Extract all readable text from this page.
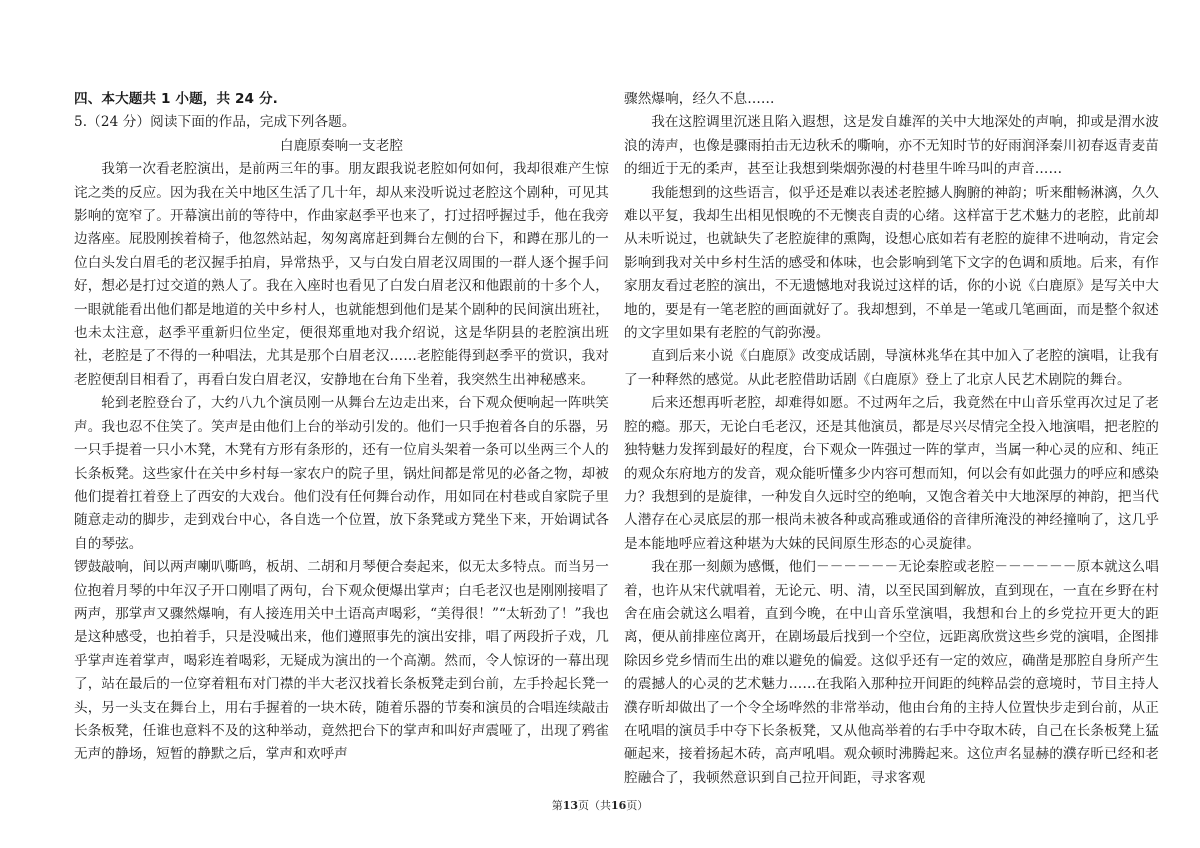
四、本大题共 1 小题，共 24 分.

5.（24 分）阅读下面的作品，完成下列各题。

白鹿原奏响一支老腔

我第一次看老腔演出，是前两三年的事。朋友跟我说老腔如何如何，我却很难产生惊诧之类的反应。因为我在关中地区生活了几十年，却从来没听说过老腔这个剧种，可见其影响的宽窄了。开幕演出前的等待中，作曲家赵季平也来了，打过招呼握过手，他在我旁边落座。屁股刚挨着椅子，他忽然站起，匆匆离席赶到舞台左侧的台下，和蹲在那儿的一位白头发白眉毛的老汉握手拍肩，异常热乎，又与白发白眉老汉周围的一群人逐个握手问好，想必是打过交道的熟人了。我在入座时也看见了白发白眉老汉和他跟前的十多个人，一眼就能看出他们都是地道的关中乡村人，也就能想到他们是某个剧种的民间演出班社，也未太注意，赵季平重新归位坐定，便很郑重地对我介绍说，这是华阴县的老腔演出班社，老腔是了不得的一种唱法，尤其是那个白眉老汉……老腔能得到赵季平的赏识，我对老腔便刮目相看了，再看白发白眉老汉，安静地在台角下坐着，我突然生出神秘感来。

轮到老腔登台了，大约八九个演员刚一从舞台左边走出来，台下观众便响起一阵哄笑声。我也忍不住笑了。笑声是由他们上台的举动引发的。他们一只手抱着各自的乐器，另一只手提着一只小木凳，木凳有方形有条形的，还有一位肩头架着一条可以坐两三个人的长条板凳。这些家什在关中乡村每一家农户的院子里，锅灶间都是常见的必备之物，却被他们提着扛着登上了西安的大戏台。他们没有任何舞台动作，用如同在村巷或自家院子里随意走动的脚步，走到戏台中心，各自选一个位置，放下条凳或方凳坐下来，开始调试各自的琴弦。

锣鼓敲响，间以两声喇叭嘶鸣，板胡、二胡和月琴便合奏起来，似无太多特点。而当另一位抱着月琴的中年汉子开口刚唱了两句，台下观众便爆出掌声；白毛老汉也是刚刚接唱了两声，那掌声又骤然爆响，有人接连用关中土语高声喝彩，“美得很！”“太斩劲了！”我也是这种感受，也拍着手，只是没喊出来，他们遵照事先的演出安排，唱了两段折子戏，几乎掌声连着掌声，喝彩连着喝彩，无疑成为演出的一个高潮。然而，令人惊讶的一幕出现了，站在最后的一位穿着粗布对门襟的半大老汉找着长条板凳走到台前，左手拎起长凳一头，另一头支在舞台上，用右手握着的一块木砖，随着乐器的节奏和演员的合唱连续敲击长条板凳，任谁也意料不及的这种举动，竟然把台下的掌声和叫好声震哑了，出现了鸦雀无声的静场，短暂的静默之后，掌声和欢呼声

骤然爆响，经久不息……

我在这腔调里沉迷且陷入遐想，这是发自雄浑的关中大地深处的声响，抑或是渭水波浪的涛声，也像是骤雨拍击无边秋禾的嘶响，亦不无知时节的好雨润泽秦川初春返青麦苗的细近于无的柔声，甚至让我想到柴烟弥漫的村巷里牛哞马叫的声音……

我能想到的这些语言，似乎还是难以表述老腔撼人胸腑的神韵；听来酣畅淋漓，久久难以平复，我却生出相见恨晚的不无懊丧自责的心绪。这样富于艺术魅力的老腔，此前却从未听说过，也就缺失了老腔旋律的熏陶，设想心底如若有老腔的旋律不进响动，肯定会影响到我对关中乡村生活的感受和体味，也会影响到笔下文字的色调和质地。后来，有作家朋友看过老腔的演出，不无遗憾地对我说过这样的话，你的小说《白鹿原》是写关中大地的，要是有一笔老腔的画面就好了。我却想到，不单是一笔或几笔画面，而是整个叙述的文字里如果有老腔的气韵弥漫。

直到后来小说《白鹿原》改变成话剧，导演林兆华在其中加入了老腔的演唱，让我有了一种释然的感觉。从此老腔借助话剧《白鹿原》登上了北京人民艺术剧院的舞台。

后来还想再听老腔，却难得如愿。不过两年之后，我竟然在中山音乐堂再次过足了老腔的瘾。那天，无论白毛老汉，还是其他演员，都是尽兴尽情完全投入地演唱，把老腔的独特魅力发挥到最好的程度，台下观众一阵强过一阵的掌声，当属一种心灵的应和、纯正的观众东府地方的发音，观众能听懂多少内容可想而知，何以会有如此强力的呼应和感染力？我想到的是旋律，一种发自久远时空的绝响，又饱含着关中大地深厚的神韵，把当代人潜存在心灵底层的那一根尚未被各种或高雅或通俗的音律所淹没的神经撞响了，这几乎是本能地呼应着这种堪为大妹的民间原生形态的心灵旋律。

我在那一刻颇为感慨，他们－－－－－－无论秦腔或老腔－－－－－－原本就这么唱着，也许从宋代就唱着，无论元、明、清，以至民国到解放，直到现在，一直在乡野在村舍在庙会就这么唱着，直到今晚，在中山音乐堂演唱，我想和台上的乡党拉开更大的距离，便从前排座位离开，在剧场最后找到一个空位，远距离欣赏这些乡党的演唱，企图排除因乡党乡情而生出的难以避免的偏爱。这似乎还有一定的效应，确凿是那腔自身所产生的震撼人的心灵的艺术魅力……在我陷入那种拉开间距的纯粹品尝的意境时，节目主持人濮存昕却做出了一个令全场哗然的非常举动，他由台角的主持人位置快步走到台前，从正在吼唱的演员手中夺下长条板凳，又从他高举着的右手中夺取木砖，自己在长条板凳上猛砸起来，接着扬起木砖，高声吼唱。观众顿时沸腾起来。这位声名显赫的濮存昕已经和老腔融合了，我顿然意识到自己拉开间距，寻求客观

第13页（共16页）
